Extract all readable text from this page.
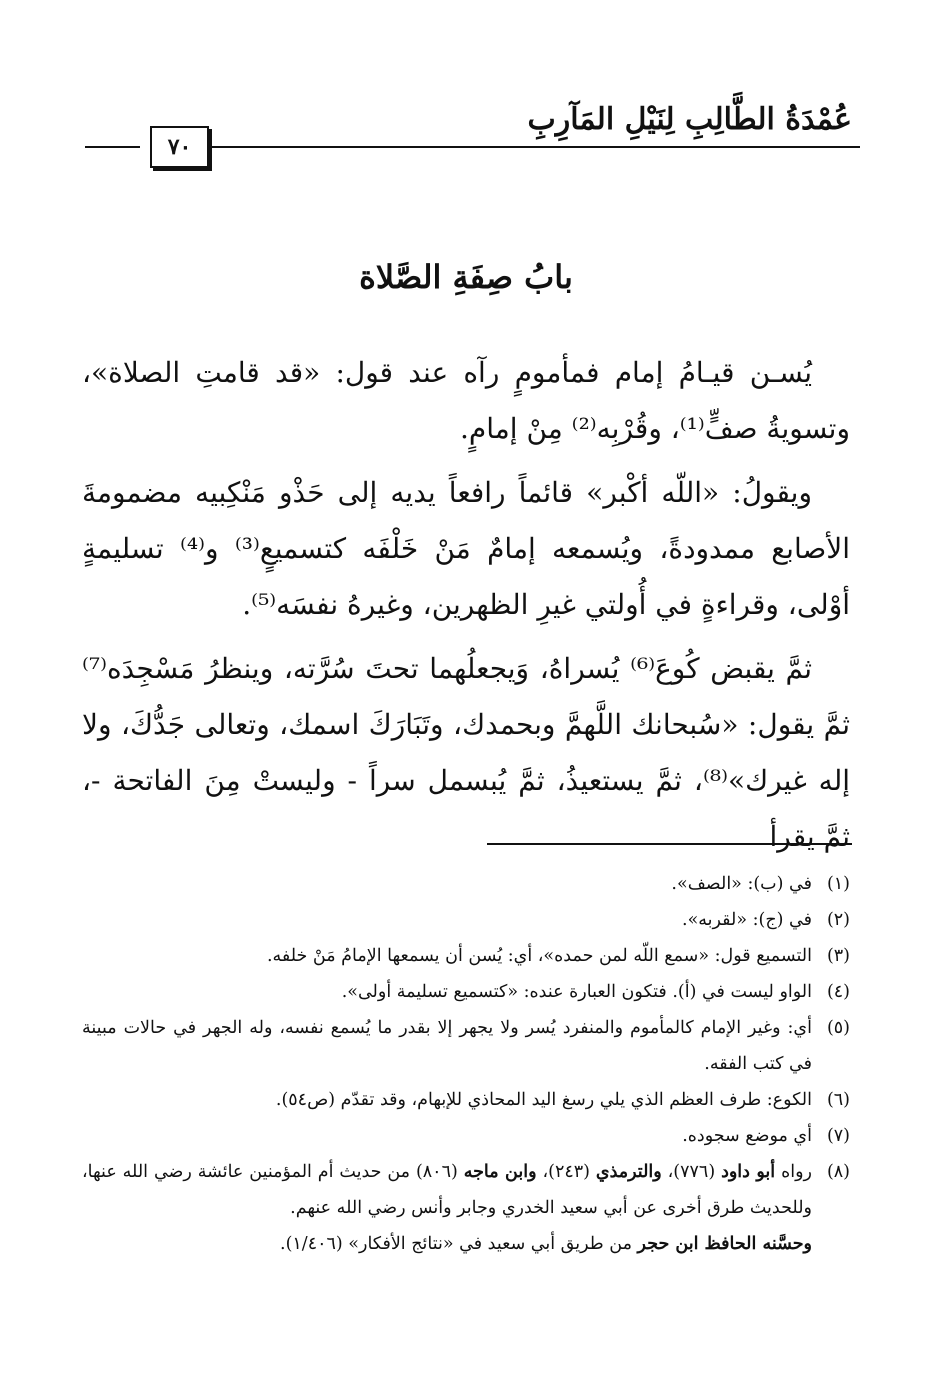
عُمْدَةُ الطَّالِبِ لِنَيْلِ المَآرِبِ
٧٠
بابُ صِفَةِ الصَّلاة

يُسـن قيـامُ إمام فمأمومٍ رآه عند قول: «قد قامتِ الصلاة»، وتسويةُ صفٍّ⁽¹⁾، وقُرْبِه⁽²⁾ مِنْ إمامٍ.

ويقولُ: «اللّه أكْبر» قائماً رافعاً يديه إلى حَذْو مَنْكِبيه مضمومةَ الأصابع ممدودةً، ويُسمعه إمامٌ مَنْ خَلْفَه كتسميعٍ⁽³⁾ و⁽⁴⁾ تسليمةٍ أوْلى، وقراءةٍ في أُولتي غيرِ الظهرين، وغيرهُ نفسَه⁽⁵⁾.

ثمَّ يقبض كُوعَ⁽⁶⁾ يُسراهُ، وَيجعلُهما تحتَ سُرَّته، وينظرُ مَسْجِدَه⁽⁷⁾ ثمَّ يقول: «سُبحانك اللَّهمَّ وبحمدك، وتَبَارَكَ اسمك، وتعالى جَدُّكَ، ولا إله غيرك»⁽⁸⁾، ثمَّ يستعيذُ، ثمَّ يُبسمل سراً - وليستْ مِنَ الفاتحة -، ثمَّ يقرأ

(١)
في (ب): «الصف».
(٢)
في (ج): «لقربه».
(٣)
التسميع قول: «سمع اللّه لمن حمده»، أي: يُسن أن يسمعها الإمامُ مَنْ خلفه.
(٤)
الواو ليست في (أ). فتكون العبارة عنده: «كتسميع تسليمة أولى».
(٥)
أي: وغير الإمام كالمأموم والمنفرد يُسر ولا يجهر إلا بقدر ما يُسمع نفسه، وله الجهر في حالات مبينة في كتب الفقه.
(٦)
الكوع: طرف العظم الذي يلي رسغ اليد المحاذي للإبهام، وقد تقدّم (ص٥٤).
(٧)
أي موضع سجوده.
(٨)
رواه أبو داود (٧٧٦)، والترمذي (٢٤٣)، وابن ماجه (٨٠٦) من حديث أم المؤمنين عائشة رضي الله عنها، وللحديث طرق أخرى عن أبي سعيد الخدري وجابر وأنس رضي الله عنهم.
وحسَّنه الحافظ ابن حجر من طريق أبي سعيد في «نتائج الأفكار» (١/٤٠٦).
